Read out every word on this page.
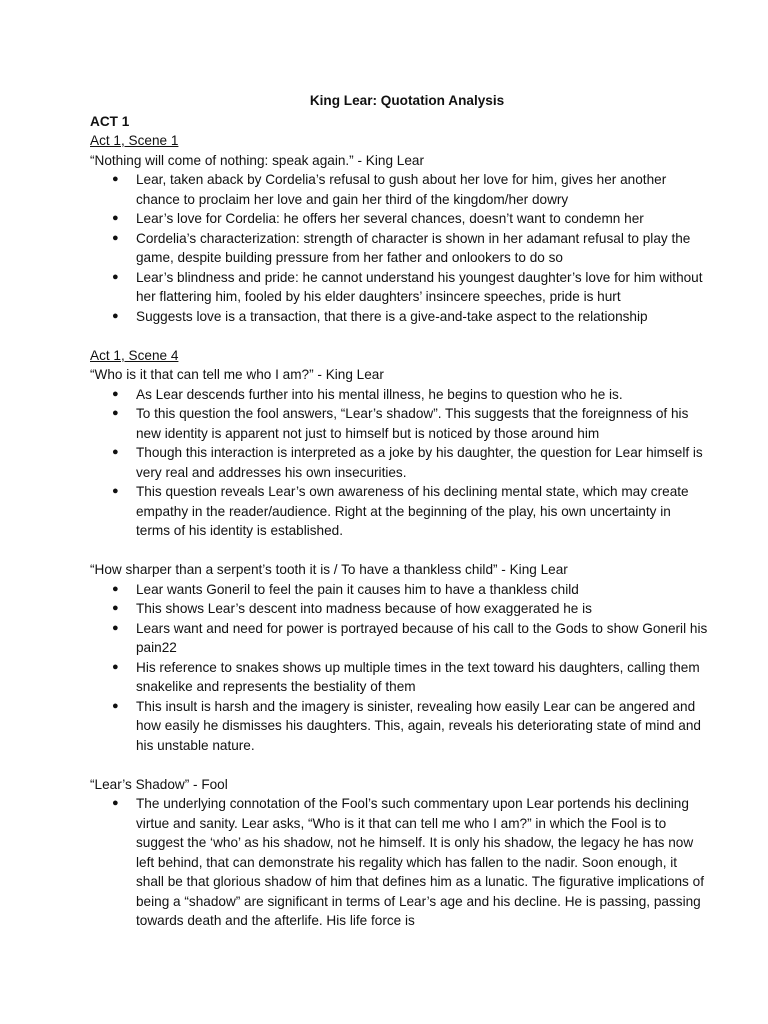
King Lear: Quotation Analysis
ACT 1
Act 1, Scene 1
“Nothing will come of nothing: speak again.” - King Lear
● Lear, taken aback by Cordelia’s refusal to gush about her love for him, gives her another chance to proclaim her love and gain her third of the kingdom/her dowry
● Lear’s love for Cordelia: he offers her several chances, doesn’t want to condemn her
● Cordelia’s characterization: strength of character is shown in her adamant refusal to play the game, despite building pressure from her father and onlookers to do so
● Lear’s blindness and pride: he cannot understand his youngest daughter’s love for him without her flattering him, fooled by his elder daughters’ insincere speeches, pride is hurt
● Suggests love is a transaction, that there is a give-and-take aspect to the relationship
Act 1, Scene 4
“Who is it that can tell me who I am?” - King Lear
● As Lear descends further into his mental illness, he begins to question who he is.
● To this question the fool answers, “Lear’s shadow”. This suggests that the foreignness of his new identity is apparent not just to himself but is noticed by those around him
● Though this interaction is interpreted as a joke by his daughter, the question for Lear himself is very real and addresses his own insecurities.
● This question reveals Lear’s own awareness of his declining mental state, which may create empathy in the reader/audience. Right at the beginning of the play, his own uncertainty in terms of his identity is established.
“How sharper than a serpent’s tooth it is / To have a thankless child” - King Lear
● Lear wants Goneril to feel the pain it causes him to have a thankless child
● This shows Lear’s descent into madness because of how exaggerated he is
● Lears want and need for power is portrayed because of his call to the Gods to show Goneril his pain22
● His reference to snakes shows up multiple times in the text toward his daughters, calling them snakelike and represents the bestiality of them
● This insult is harsh and the imagery is sinister, revealing how easily Lear can be angered and how easily he dismisses his daughters. This, again, reveals his deteriorating state of mind and his unstable nature.
“Lear’s Shadow” - Fool
● The underlying connotation of the Fool’s such commentary upon Lear portends his declining virtue and sanity. Lear asks, “Who is it that can tell me who I am?” in which the Fool is to suggest the ‘who’ as his shadow, not he himself. It is only his shadow, the legacy he has now left behind, that can demonstrate his regality which has fallen to the nadir. Soon enough, it shall be that glorious shadow of him that defines him as a lunatic. The figurative implications of being a “shadow” are significant in terms of Lear’s age and his decline. He is passing, passing towards death and the afterlife. His life force is
